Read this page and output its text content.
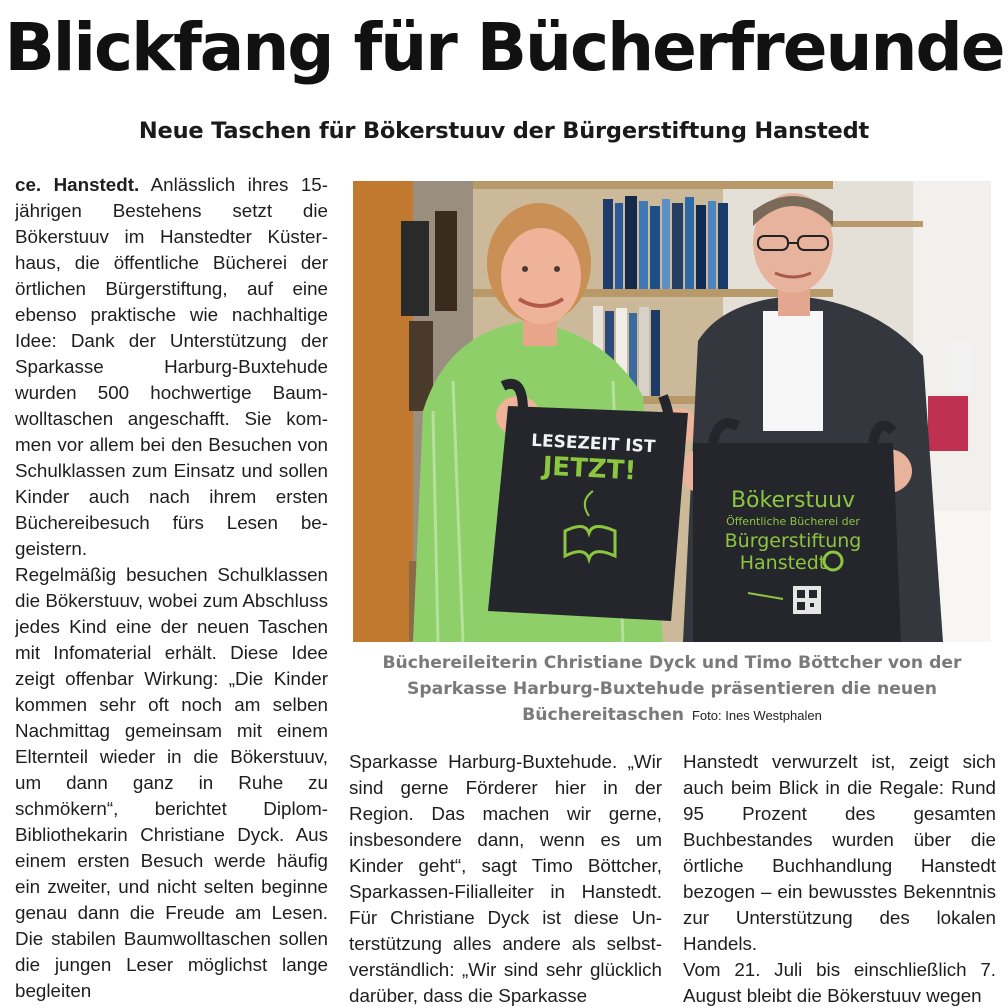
Blickfang für Bücherfreunde
Neue Taschen für Bökerstuuv der Bürgerstiftung Hanstedt

ce. Hanstedt. Anlässlich ihres 15-jährigen Bestehens setzt die Bökerstuuv im Hanstedter Küsterhaus, die öffentliche Bücherei der örtlichen Bürgerstiftung, auf eine ebenso praktische wie nachhaltige Idee: Dank der Unterstützung der Sparkasse Harburg-Buxtehude wurden 500 hochwertige Baumwolltaschen angeschafft. Sie kommen vor allem bei den Besuchen von Schulklassen zum Einsatz und sollen Kinder auch nach ihrem ersten Büchereibesuch fürs Lesen begeistern.

Regelmäßig besuchen Schulklassen die Bökerstuuv, wobei zum Abschluss jedes Kind eine der neuen Taschen mit Infomaterial erhält. Diese Idee zeigt offenbar Wirkung: „Die Kinder kommen sehr oft noch am selben Nachmittag gemeinsam mit einem Elternteil wieder in die Bökerstuuv, um dann ganz in Ruhe zu schmökern“, berichtet Diplom-Bibliothekarin Christiane Dyck. Aus einem ersten Besuch werde häufig ein zweiter, und nicht selten beginne genau dann die Freude am Lesen. Die stabilen Baumwolltaschen sollen die jungen Leser möglichst lange begleiten

LESEZEIT IST
JETZT!
Bökerstuuv
Öffentliche Bücherei der
Bürgerstiftung
Hanstedt
Büchereileiterin Christiane Dyck und Timo Böttcher von der Sparkasse Harburg-Buxtehude präsentieren die neuen Büchereitaschen Foto: Ines Westphalen

Sparkasse Harburg-Buxtehude. „Wir sind gerne Förderer hier in der Region. Das machen wir gerne, insbesondere dann, wenn es um Kinder geht“, sagt Timo Böttcher, Sparkassen-Filialleiter in Hanstedt. Für Christiane Dyck ist diese Unterstützung alles andere als selbstverständlich: „Wir sind sehr glücklich darüber, dass die Sparkasse

Hanstedt verwurzelt ist, zeigt sich auch beim Blick in die Regale: Rund 95 Prozent des gesamten Buchbestandes wurden über die örtliche Buchhandlung Hanstedt bezogen – ein bewusstes Bekenntnis zur Unterstützung des lokalen Handels.

Vom 21. Juli bis einschließlich 7. August bleibt die Bökerstuuv wegen
